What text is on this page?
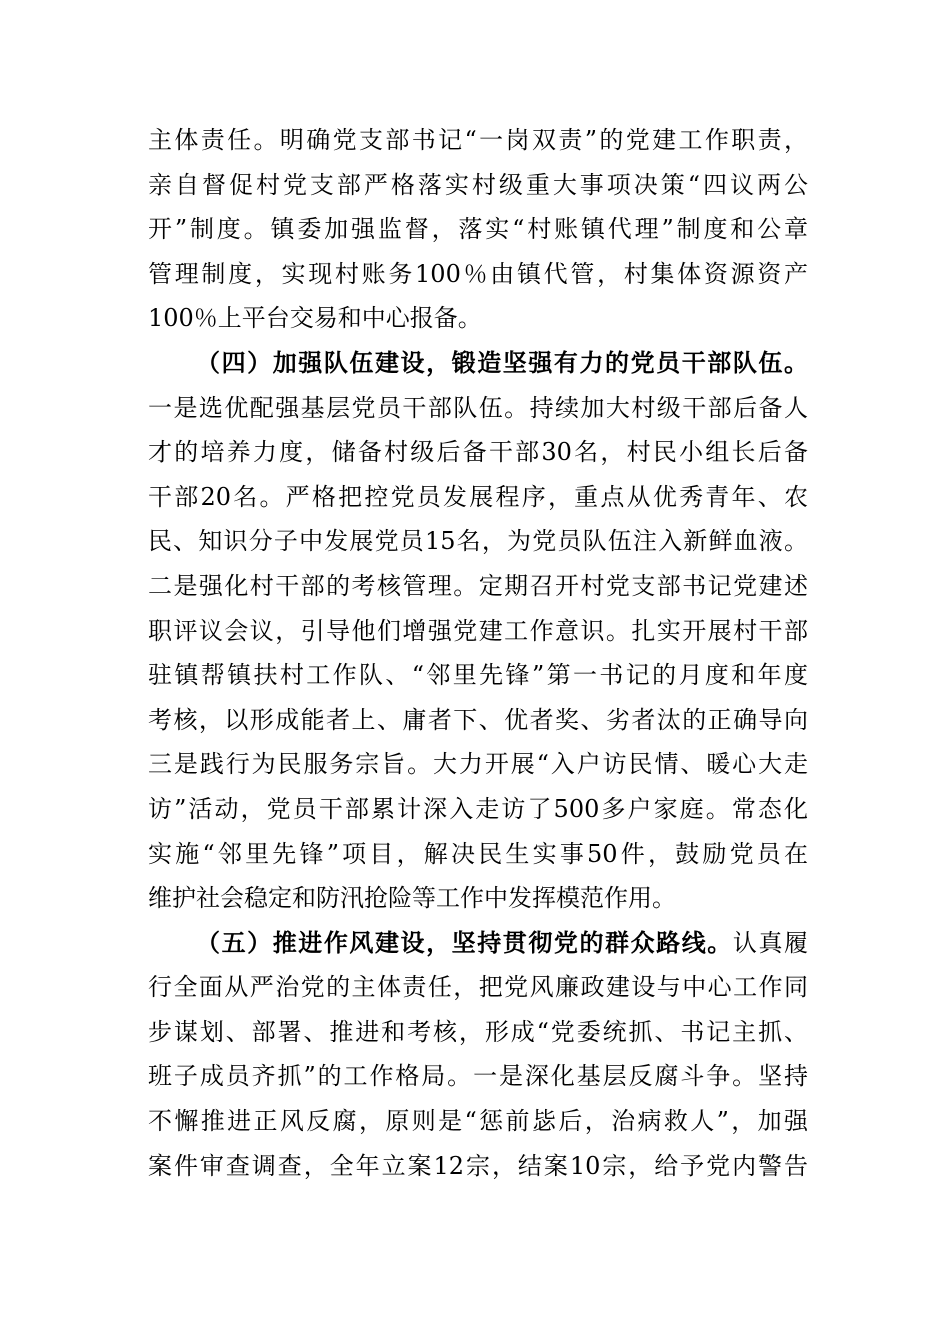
主体责任。明确党支部书记“一岗双责”的党建工作职责，
亲自督促村党支部严格落实村级重大事项决策“四议两公
开”制度。镇委加强监督，落实“村账镇代理”制度和公章
管理制度，实现村账务100％由镇代管，村集体资源资产
100％上平台交易和中心报备。
（四）加强队伍建设，锻造坚强有力的党员干部队伍。
一是选优配强基层党员干部队伍。持续加大村级干部后备人
才的培养力度，储备村级后备干部30名，村民小组长后备
干部20名。严格把控党员发展程序，重点从优秀青年、农
民、知识分子中发展党员15名，为党员队伍注入新鲜血液。
二是强化村干部的考核管理。定期召开村党支部书记党建述
职评议会议，引导他们增强党建工作意识。扎实开展村干部
驻镇帮镇扶村工作队、“邻里先锋”第一书记的月度和年度
考核，以形成能者上、庸者下、优者奖、劣者汰的正确导向
三是践行为民服务宗旨。大力开展“入户访民情、暖心大走
访”活动，党员干部累计深入走访了500多户家庭。常态化
实施“邻里先锋”项目，解决民生实事50件，鼓励党员在
维护社会稳定和防汛抢险等工作中发挥模范作用。
（五）推进作风建设，坚持贯彻党的群众路线。认真履
行全面从严治党的主体责任，把党风廉政建设与中心工作同
步谋划、部署、推进和考核，形成“党委统抓、书记主抓、
班子成员齐抓”的工作格局。一是深化基层反腐斗争。坚持
不懈推进正风反腐，原则是“惩前毖后，治病救人”，加强
案件审查调查，全年立案12宗，结案10宗，给予党内警告
